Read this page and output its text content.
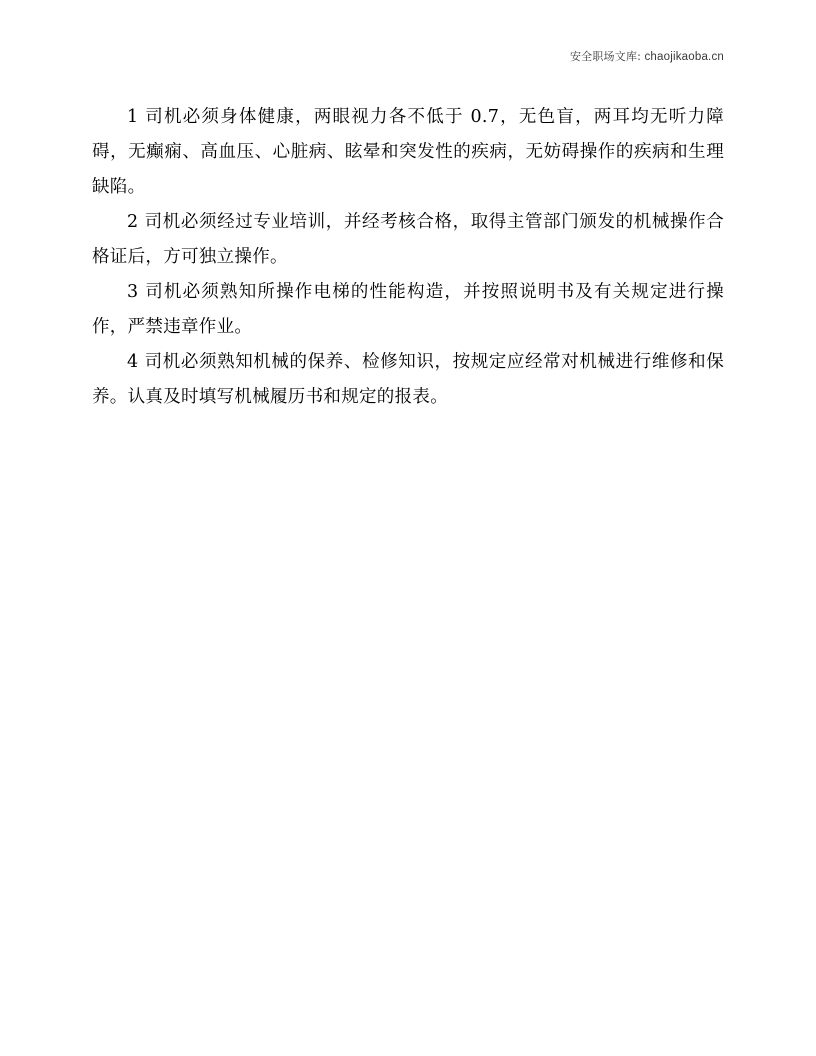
安全职场文库: chaojikaoba.cn

1 司机必须身体健康，两眼视力各不低于 0.7，无色盲，两耳均无听力障碍，无癫痫、高血压、心脏病、眩晕和突发性的疾病，无妨碍操作的疾病和生理缺陷。

2 司机必须经过专业培训，并经考核合格，取得主管部门颁发的机械操作合格证后，方可独立操作。

3 司机必须熟知所操作电梯的性能构造，并按照说明书及有关规定进行操作，严禁违章作业。

4 司机必须熟知机械的保养、检修知识，按规定应经常对机械进行维修和保养。认真及时填写机械履历书和规定的报表。
